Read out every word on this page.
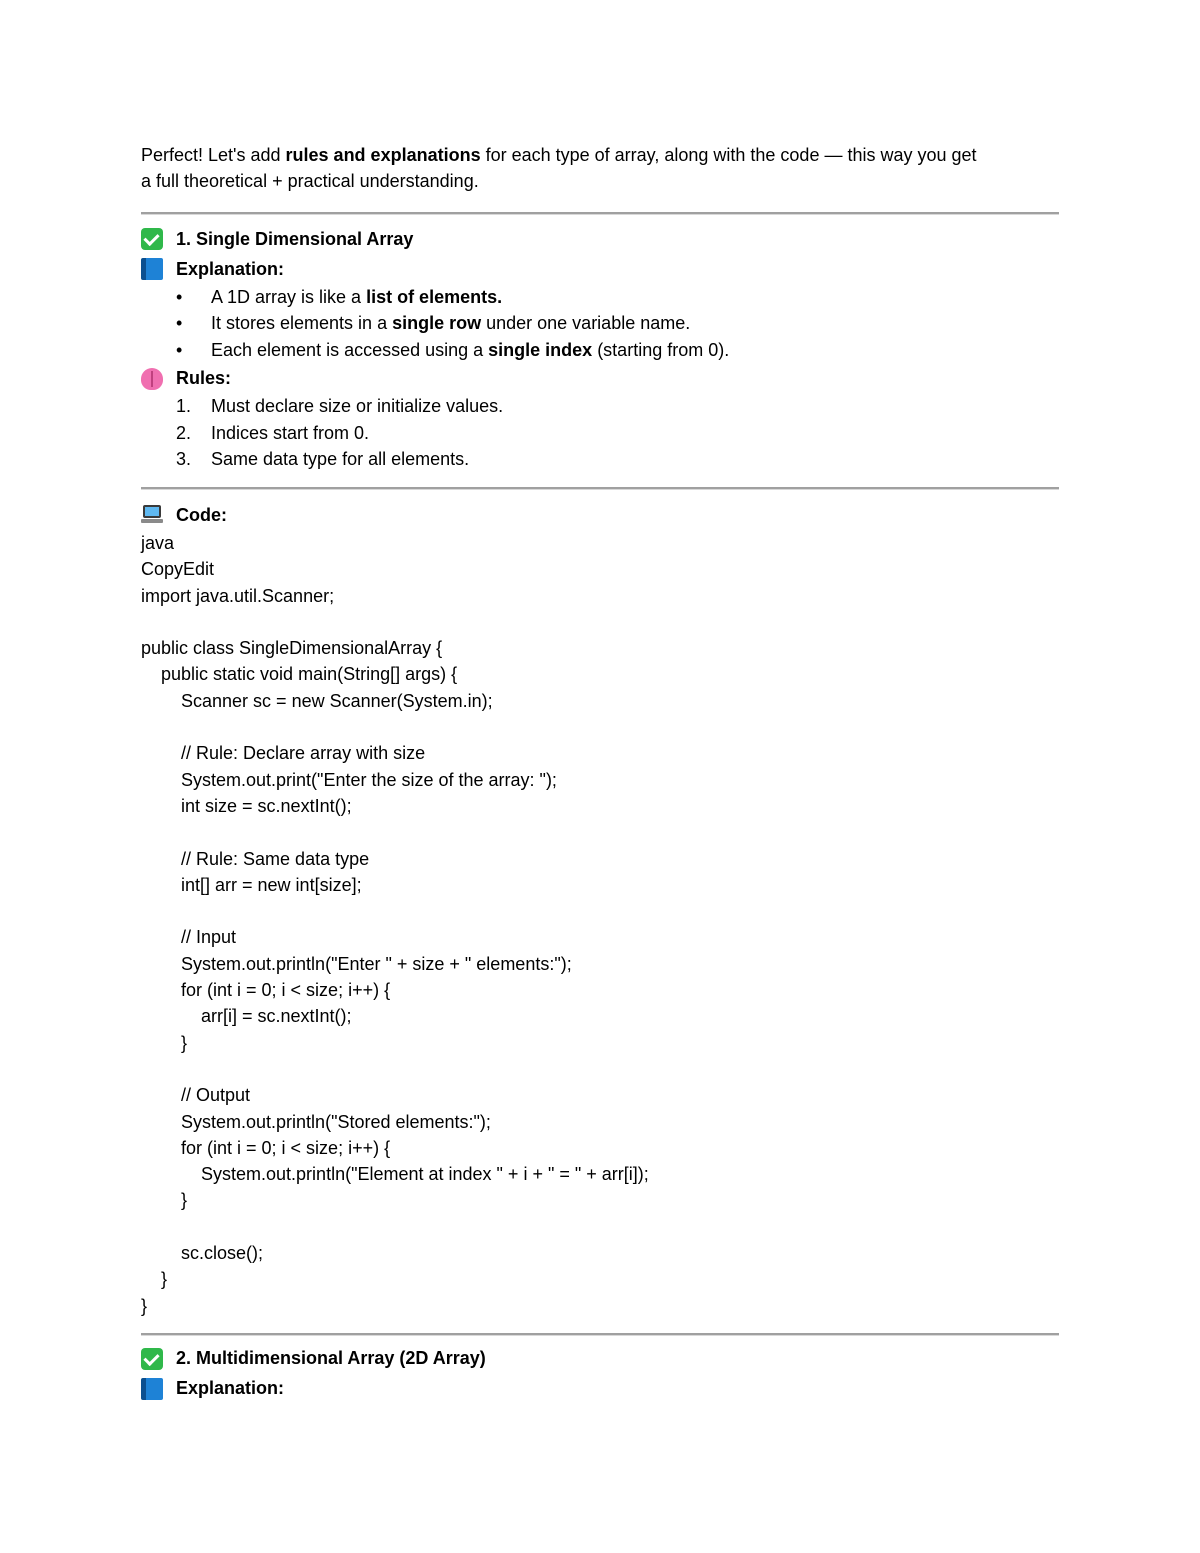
Perfect! Let's add rules and explanations for each type of array, along with the code — this way you get

a full theoretical + practical understanding.

1. Single Dimensional Array
Explanation:
•	A 1D array is like a list of elements.
•	It stores elements in a single row under one variable name.
•	Each element is accessed using a single index (starting from 0).
Rules:
1.	Must declare size or initialize values.
2.	Indices start from 0.
3.	Same data type for all elements.
Code:
java
CopyEdit
import java.util.Scanner;
public class SingleDimensionalArray {
public static void main(String[] args) {
Scanner sc = new Scanner(System.in);
// Rule: Declare array with size
System.out.print("Enter the size of the array: ");
int size = sc.nextInt();
// Rule: Same data type
int[] arr = new int[size];
// Input
System.out.println("Enter " + size + " elements:");
for (int i = 0; i < size; i++) {
arr[i] = sc.nextInt();
}
// Output
System.out.println("Stored elements:");
for (int i = 0; i < size; i++) {
System.out.println("Element at index " + i + " = " + arr[i]);
}
sc.close();
}
}
2. Multidimensional Array (2D Array)
Explanation:
